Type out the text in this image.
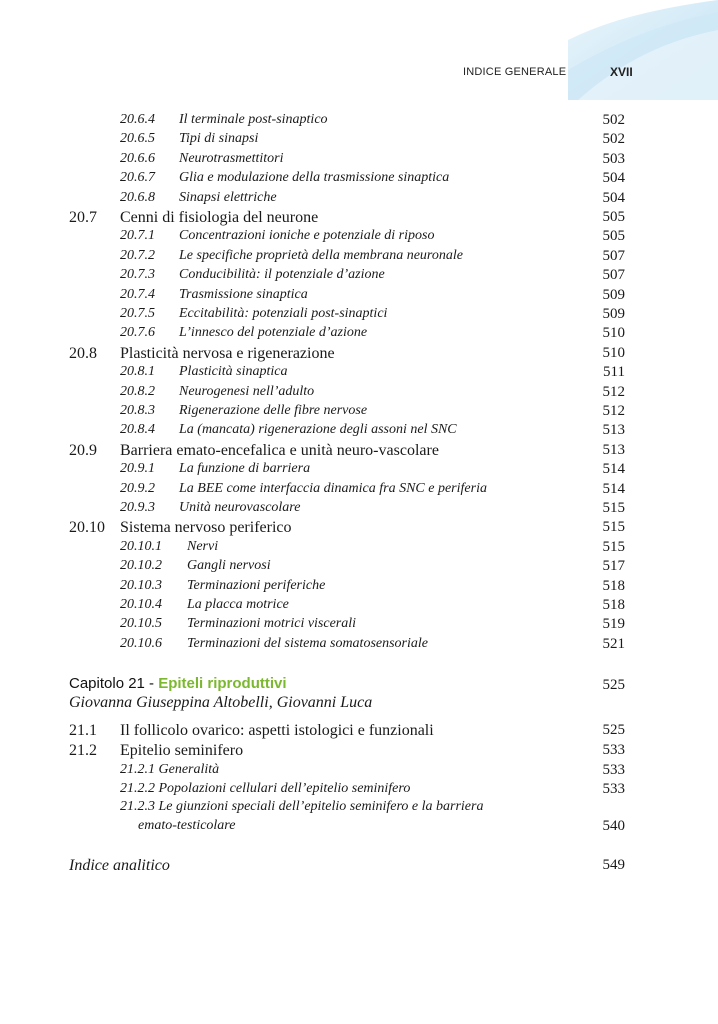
INDICE GENERALE	XVII
20.6.4 Il terminale post-sinaptico	502
20.6.5 Tipi di sinapsi	502
20.6.6 Neurotrasmettitori	503
20.6.7 Glia e modulazione della trasmissione sinaptica	504
20.6.8 Sinapsi elettriche	504
20.7 Cenni di fisiologia del neurone	505
20.7.1 Concentrazioni ioniche e potenziale di riposo	505
20.7.2 Le specifiche proprietà della membrana neuronale	507
20.7.3 Conducibilità: il potenziale d’azione	507
20.7.4 Trasmissione sinaptica	509
20.7.5 Eccitabilità: potenziali post-sinaptici	509
20.7.6 L’innesco del potenziale d’azione	510
20.8 Plasticità nervosa e rigenerazione	510
20.8.1 Plasticità sinaptica	511
20.8.2 Neurogenesi nell’adulto	512
20.8.3 Rigenerazione delle fibre nervose	512
20.8.4 La (mancata) rigenerazione degli assoni nel SNC	513
20.9 Barriera emato-encefalica e unità neuro-vascolare	513
20.9.1 La funzione di barriera	514
20.9.2 La BEE come interfaccia dinamica fra SNC e periferia	514
20.9.3 Unità neurovascolare	515
20.10 Sistema nervoso periferico	515
20.10.1 Nervi	515
20.10.2 Gangli nervosi	517
20.10.3 Terminazioni periferiche	518
20.10.4 La placca motrice	518
20.10.5 Terminazioni motrici viscerali	519
20.10.6 Terminazioni del sistema somatosensoriale	521
Capitolo 21 - Epiteli riproduttivi	525
Giovanna Giuseppina Altobelli, Giovanni Luca
21.1 Il follicolo ovarico: aspetti istologici e funzionali	525
21.2 Epitelio seminifero	533
21.2.1 Generalità	533
21.2.2 Popolazioni cellulari dell’epitelio seminifero	533
21.2.3 Le giunzioni speciali dell’epitelio seminifero e la barriera
emato-testicolare	540
Indice analitico	549
